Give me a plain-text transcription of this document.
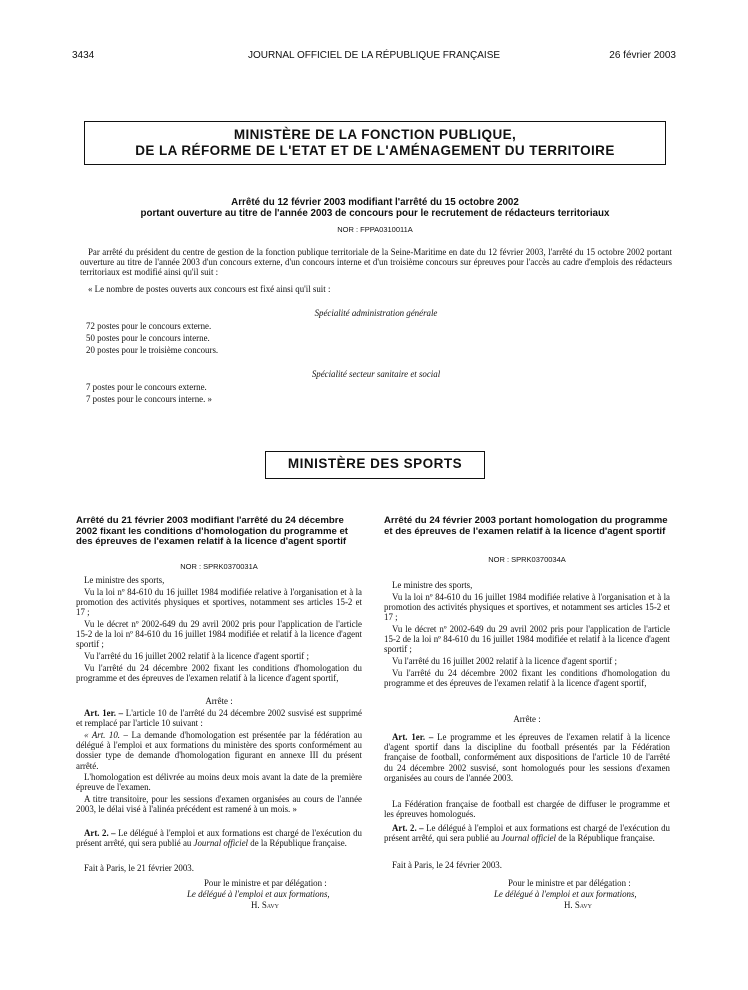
3434	JOURNAL OFFICIEL DE LA RÉPUBLIQUE FRANÇAISE	26 février 2003
MINISTÈRE DE LA FONCTION PUBLIQUE,
DE LA RÉFORME DE L'ETAT ET DE L'AMÉNAGEMENT DU TERRITOIRE
Arrêté du 12 février 2003 modifiant l'arrêté du 15 octobre 2002
portant ouverture au titre de l'année 2003 de concours pour le recrutement de rédacteurs territoriaux
NOR : FPPA0310011A
Par arrêté du président du centre de gestion de la fonction publique territoriale de la Seine-Maritime en date du 12 février 2003, l'arrêté du 15 octobre 2002 portant ouverture au titre de l'année 2003 d'un concours externe, d'un concours interne et d'un troisième concours sur épreuves pour l'accès au cadre d'emplois des rédacteurs territoriaux est modifié ainsi qu'il suit :
« Le nombre de postes ouverts aux concours est fixé ainsi qu'il suit :
Spécialité administration générale
72 postes pour le concours externe.
50 postes pour le concours interne.
20 postes pour le troisième concours.
Spécialité secteur sanitaire et social
7 postes pour le concours externe.
7 postes pour le concours interne. »
MINISTÈRE DES SPORTS
Arrêté du 21 février 2003 modifiant l'arrêté du 24 décembre 2002 fixant les conditions d'homologation du programme et des épreuves de l'examen relatif à la licence d'agent sportif
NOR : SPRK0370031A
Le ministre des sports,
Vu la loi nº 84-610 du 16 juillet 1984 modifiée relative à l'organisation et à la promotion des activités physiques et sportives, notamment ses articles 15-2 et 17 ;
Vu le décret nº 2002-649 du 29 avril 2002 pris pour l'application de l'article 15-2 de la loi nº 84-610 du 16 juillet 1984 modifiée et relatif à la licence d'agent sportif ;
Vu l'arrêté du 16 juillet 2002 relatif à la licence d'agent sportif ;
Vu l'arrêté du 24 décembre 2002 fixant les conditions d'homologation du programme et des épreuves de l'examen relatif à la licence d'agent sportif,
Arrête :
Art. 1er. – L'article 10 de l'arrêté du 24 décembre 2002 susvisé est supprimé et remplacé par l'article 10 suivant :
« Art. 10. – La demande d'homologation est présentée par la fédération au délégué à l'emploi et aux formations du ministère des sports conformément au dossier type de demande d'homologation figurant en annexe III du présent arrêté.
L'homologation est délivrée au moins deux mois avant la date de la première épreuve de l'examen.
A titre transitoire, pour les sessions d'examen organisées au cours de l'année 2003, le délai visé à l'alinéa précédent est ramené à un mois. »
Art. 2. – Le délégué à l'emploi et aux formations est chargé de l'exécution du présent arrêté, qui sera publié au Journal officiel de la République française.
Fait à Paris, le 21 février 2003.
Pour le ministre et par délégation :
Le délégué à l'emploi et aux formations,
H. Savy
Arrêté du 24 février 2003 portant homologation du programme et des épreuves de l'examen relatif à la licence d'agent sportif
NOR : SPRK0370034A
Le ministre des sports,
Vu la loi nº 84-610 du 16 juillet 1984 modifiée relative à l'organisation et à la promotion des activités physiques et sportives, et notamment ses articles 15-2 et 17 ;
Vu le décret nº 2002-649 du 29 avril 2002 pris pour l'application de l'article 15-2 de la loi nº 84-610 du 16 juillet 1984 modifiée et relatif à la licence d'agent sportif ;
Vu l'arrêté du 16 juillet 2002 relatif à la licence d'agent sportif ;
Vu l'arrêté du 24 décembre 2002 fixant les conditions d'homologation du programme et des épreuves de l'examen relatif à la licence d'agent sportif,
Arrête :
Art. 1er. – Le programme et les épreuves de l'examen relatif à la licence d'agent sportif dans la discipline du football présentés par la Fédération française de football, conformément aux dispositions de l'article 10 de l'arrêté du 24 décembre 2002 susvisé, sont homologués pour les sessions d'examen organisées au cours de l'année 2003.
La Fédération française de football est chargée de diffuser le programme et les épreuves homologués.
Art. 2. – Le délégué à l'emploi et aux formations est chargé de l'exécution du présent arrêté, qui sera publié au Journal officiel de la République française.
Fait à Paris, le 24 février 2003.
Pour le ministre et par délégation :
Le délégué à l'emploi et aux formations,
H. Savy
